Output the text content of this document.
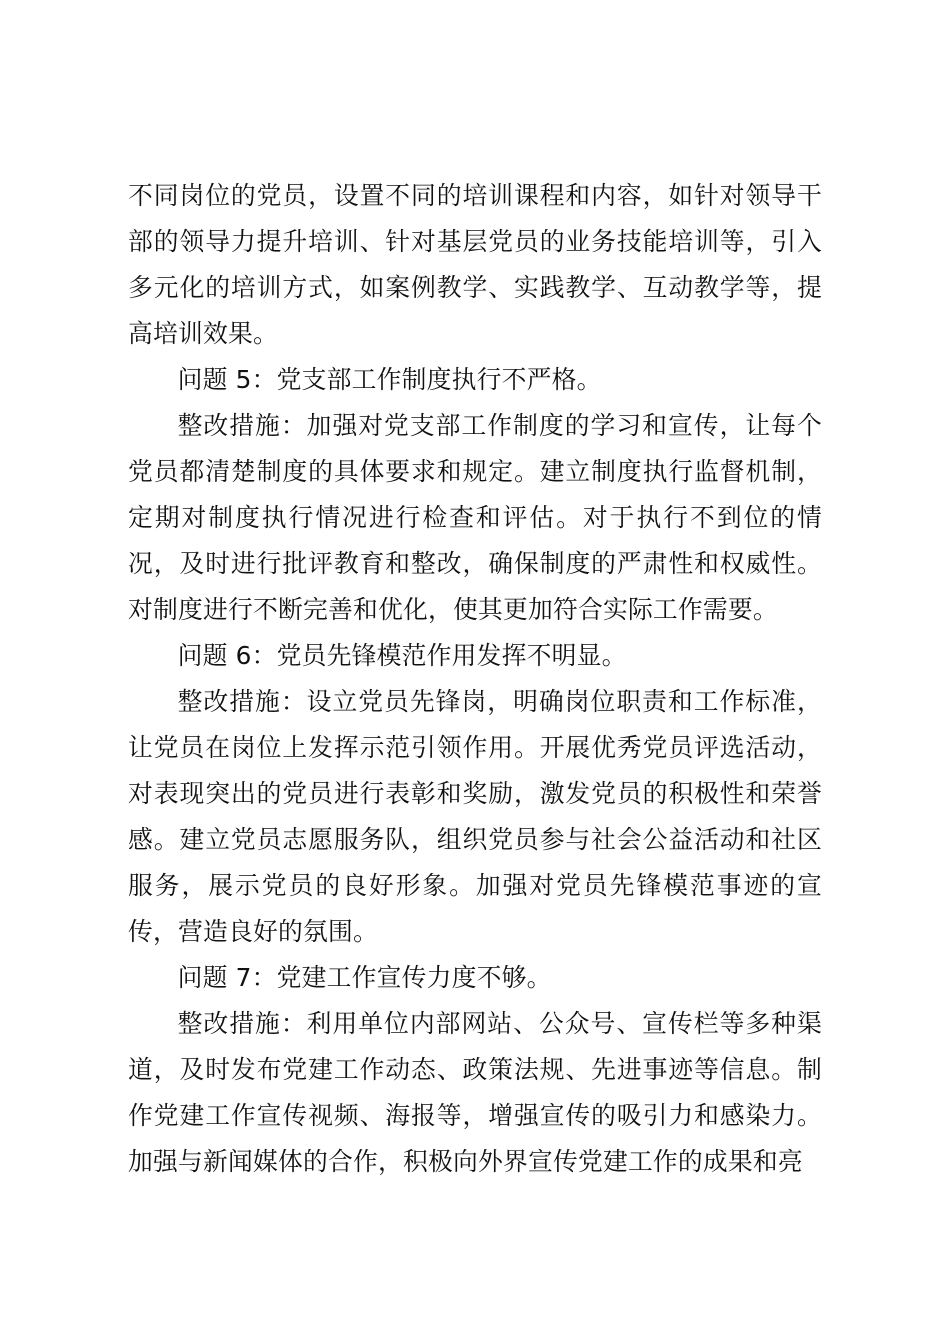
不同岗位的党员，设置不同的培训课程和内容，如针对领导干部的领导力提升培训、针对基层党员的业务技能培训等，引入多元化的培训方式，如案例教学、实践教学、互动教学等，提高培训效果。

问题 5：党支部工作制度执行不严格。

整改措施：加强对党支部工作制度的学习和宣传，让每个党员都清楚制度的具体要求和规定。建立制度执行监督机制，定期对制度执行情况进行检查和评估。对于执行不到位的情况，及时进行批评教育和整改，确保制度的严肃性和权威性。对制度进行不断完善和优化，使其更加符合实际工作需要。

问题 6：党员先锋模范作用发挥不明显。

整改措施：设立党员先锋岗，明确岗位职责和工作标准，让党员在岗位上发挥示范引领作用。开展优秀党员评选活动，对表现突出的党员进行表彰和奖励，激发党员的积极性和荣誉感。建立党员志愿服务队，组织党员参与社会公益活动和社区服务，展示党员的良好形象。加强对党员先锋模范事迹的宣传，营造良好的氛围。

问题 7：党建工作宣传力度不够。

整改措施：利用单位内部网站、公众号、宣传栏等多种渠道，及时发布党建工作动态、政策法规、先进事迹等信息。制作党建工作宣传视频、海报等，增强宣传的吸引力和感染力。加强与新闻媒体的合作，积极向外界宣传党建工作的成果和亮
